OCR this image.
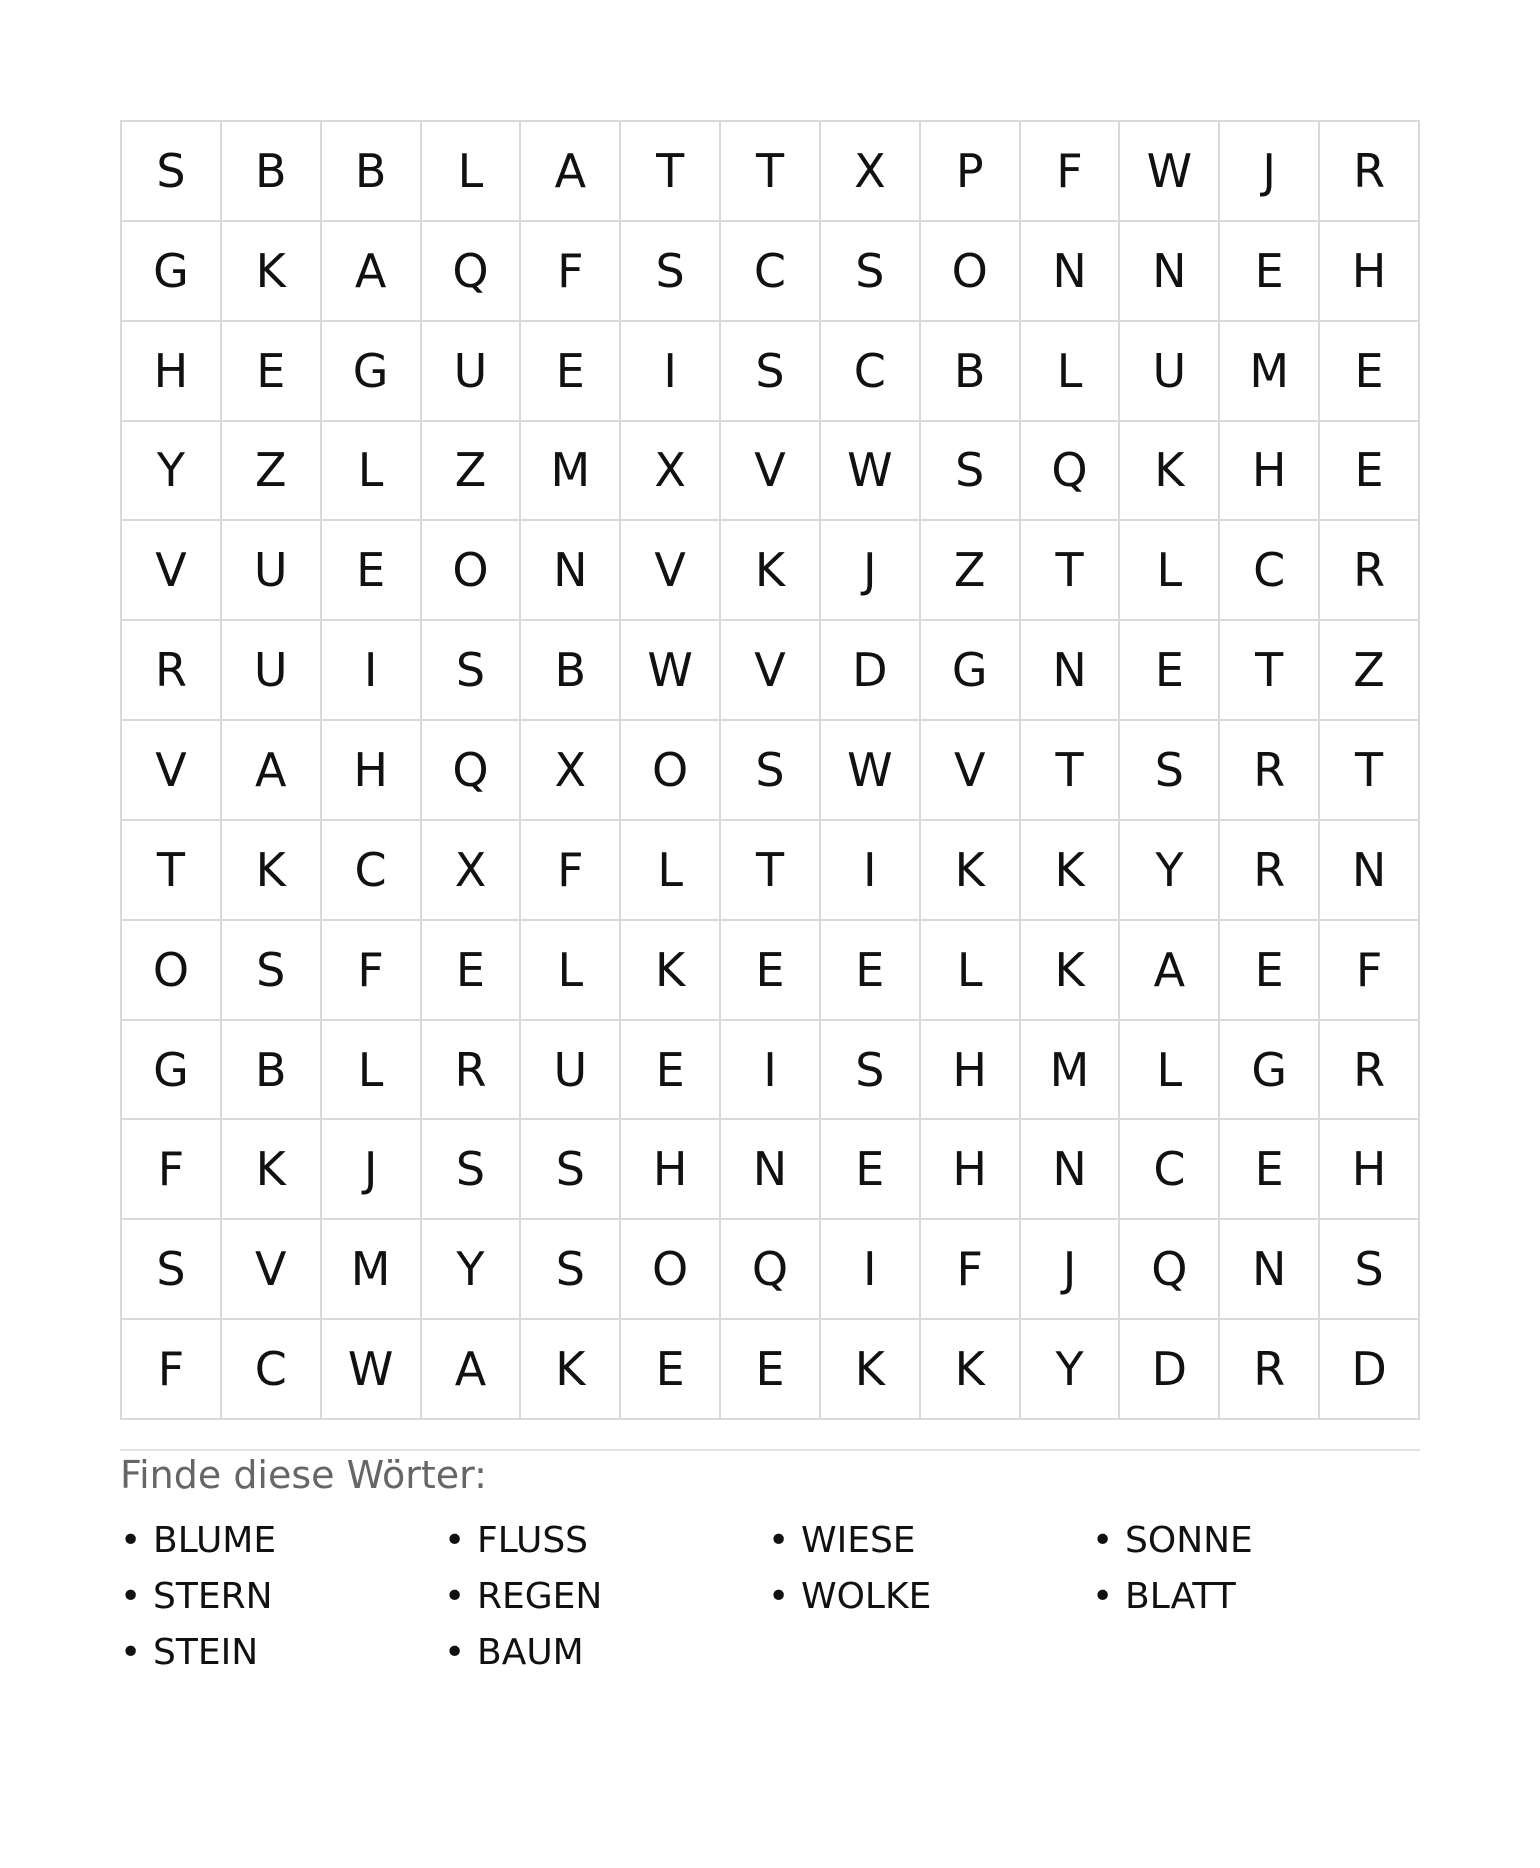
S	B	B	L	A	T	T	X	P	F	W	J	R
G	K	A	Q	F	S	C	S	O	N	N	E	H
H	E	G	U	E	I	S	C	B	L	U	M	E
Y	Z	L	Z	M	X	V	W	S	Q	K	H	E
V	U	E	O	N	V	K	J	Z	T	L	C	R
R	U	I	S	B	W	V	D	G	N	E	T	Z
V	A	H	Q	X	O	S	W	V	T	S	R	T
T	K	C	X	F	L	T	I	K	K	Y	R	N
O	S	F	E	L	K	E	E	L	K	A	E	F
G	B	L	R	U	E	I	S	H	M	L	G	R
F	K	J	S	S	H	N	E	H	N	C	E	H
S	V	M	Y	S	O	Q	I	F	J	Q	N	S
F	C	W	A	K	E	E	K	K	Y	D	R	D
Finde diese Wörter:
• BLUME	• FLUSS	• WIESE	• SONNE
• STERN	• REGEN	• WOLKE	• BLATT
• STEIN	• BAUM
